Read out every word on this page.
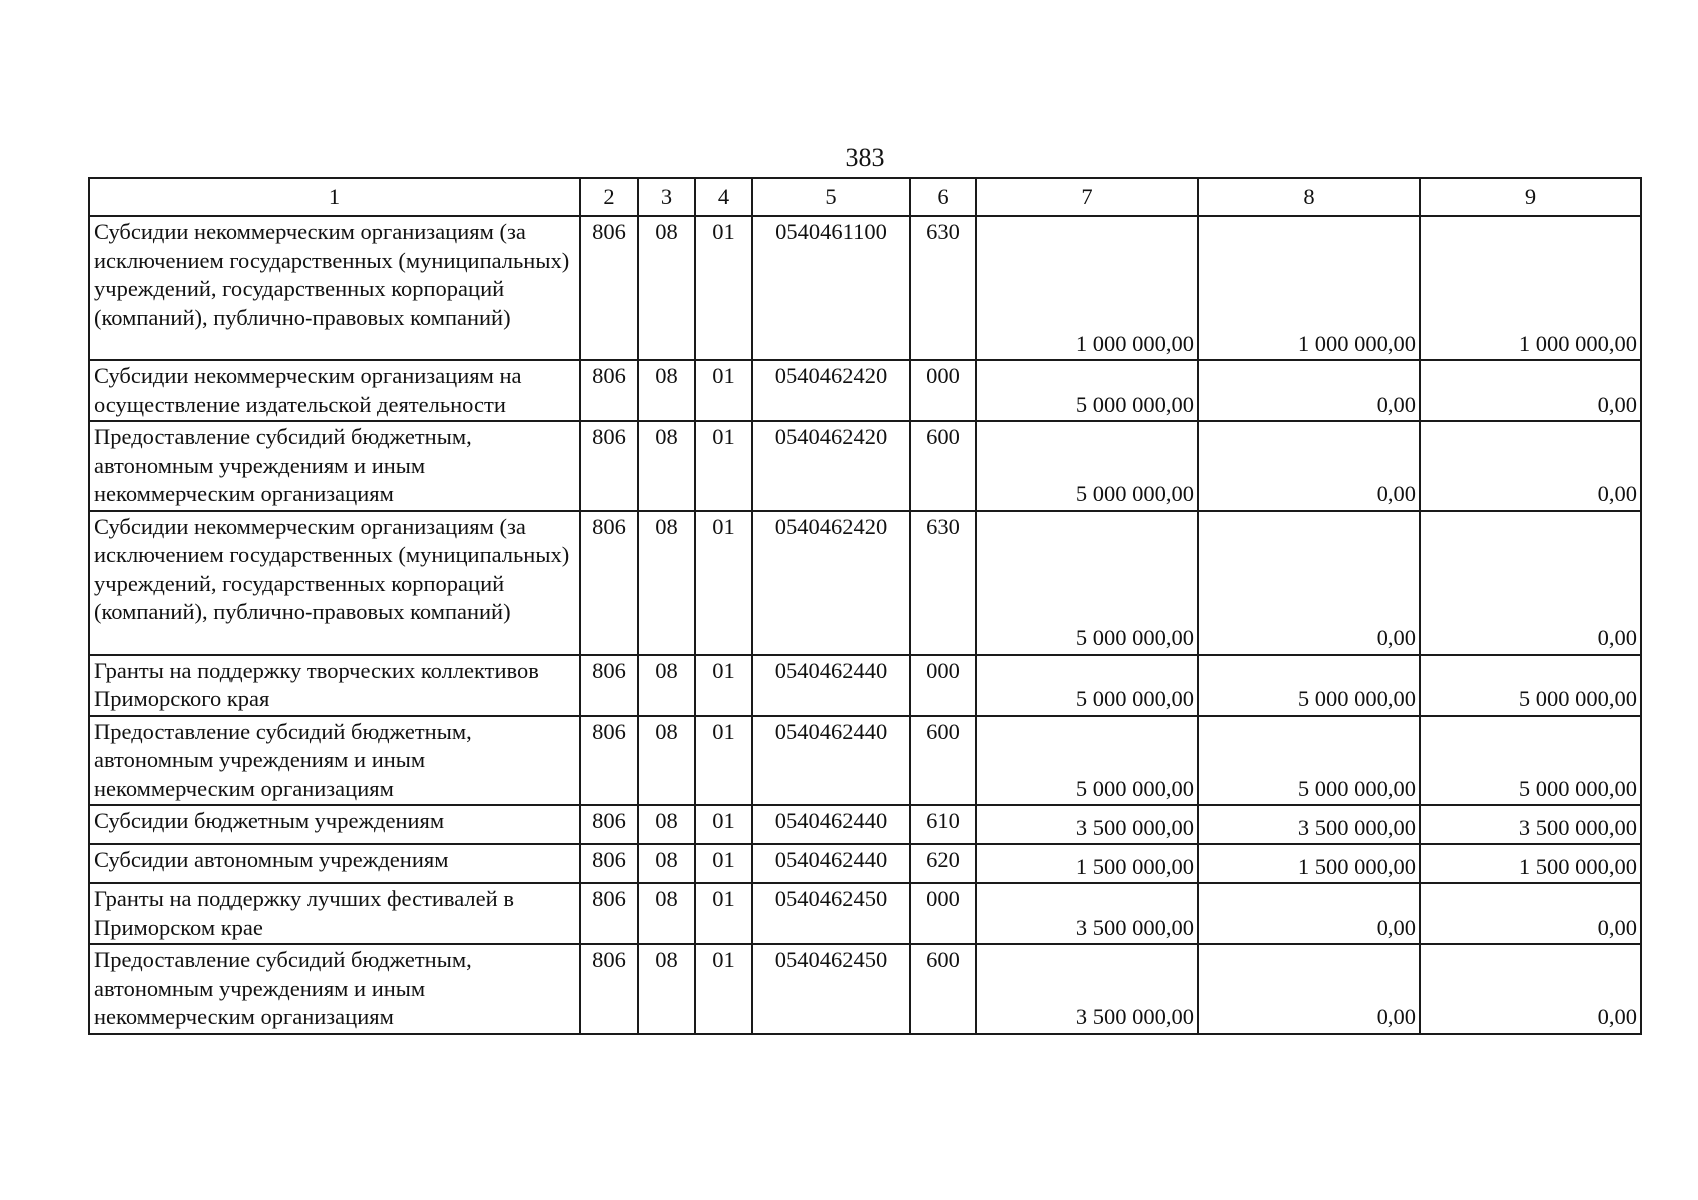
383
1	2	3	4	5	6	7	8	9
Субсидии некоммерческим организациям (за исключением государственных (муниципальных) учреждений, государственных корпораций (компаний), публично-правовых компаний)	806	08	01	0540461100	630	1 000 000,00	1 000 000,00	1 000 000,00
Субсидии некоммерческим организациям на осуществление издательской деятельности	806	08	01	0540462420	000	5 000 000,00	0,00	0,00
Предоставление субсидий бюджетным, автономным учреждениям и иным некоммерческим организациям	806	08	01	0540462420	600	5 000 000,00	0,00	0,00
Субсидии некоммерческим организациям (за исключением государственных (муниципальных) учреждений, государственных корпораций (компаний), публично-правовых компаний)	806	08	01	0540462420	630	5 000 000,00	0,00	0,00
Гранты на поддержку творческих коллективов Приморского края	806	08	01	0540462440	000	5 000 000,00	5 000 000,00	5 000 000,00
Предоставление субсидий бюджетным, автономным учреждениям и иным некоммерческим организациям	806	08	01	0540462440	600	5 000 000,00	5 000 000,00	5 000 000,00
Субсидии бюджетным учреждениям	806	08	01	0540462440	610	3 500 000,00	3 500 000,00	3 500 000,00
Субсидии автономным учреждениям	806	08	01	0540462440	620	1 500 000,00	1 500 000,00	1 500 000,00
Гранты на поддержку лучших фестивалей в Приморском крае	806	08	01	0540462450	000	3 500 000,00	0,00	0,00
Предоставление субсидий бюджетным, автономным учреждениям и иным некоммерческим организациям	806	08	01	0540462450	600	3 500 000,00	0,00	0,00
